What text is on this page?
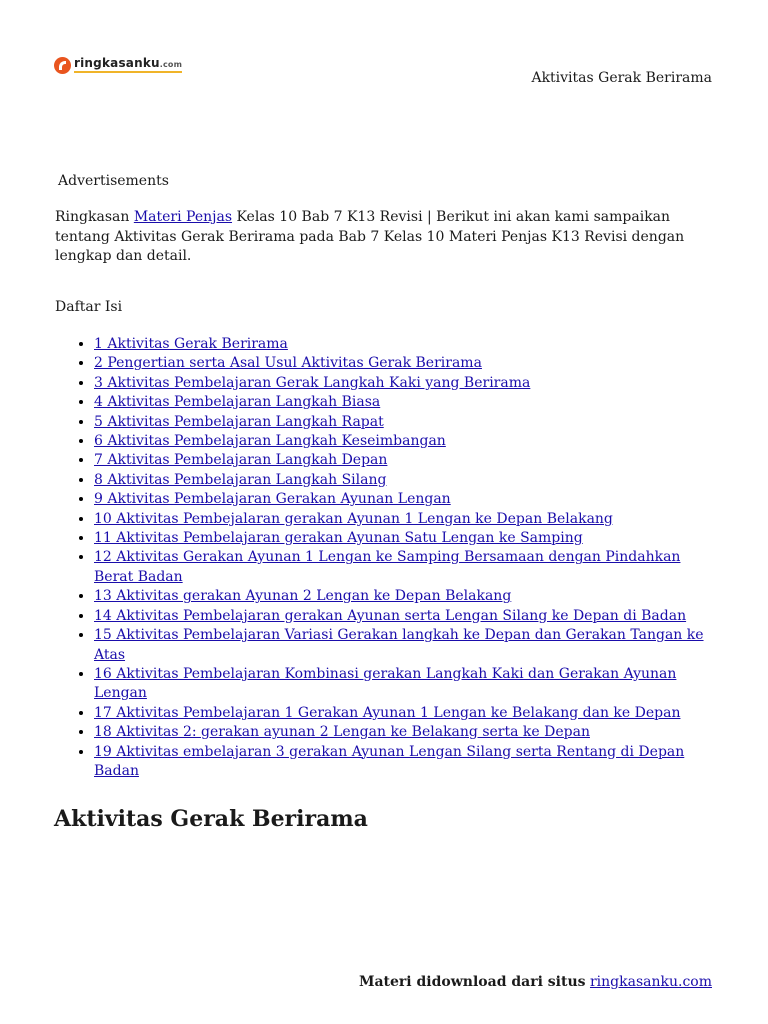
ringkasanku.com
Aktivitas Gerak Berirama
Advertisements

Ringkasan Materi Penjas Kelas 10 Bab 7 K13 Revisi | Berikut ini akan kami sampaikan tentang Aktivitas Gerak Berirama pada Bab 7 Kelas 10 Materi Penjas K13 Revisi dengan lengkap dan detail.

Daftar Isi
• 1 Aktivitas Gerak Berirama
• 2 Pengertian serta Asal Usul Aktivitas Gerak Berirama
• 3 Aktivitas Pembelajaran Gerak Langkah Kaki yang Berirama
• 4 Aktivitas Pembelajaran Langkah Biasa
• 5 Aktivitas Pembelajaran Langkah Rapat
• 6 Aktivitas Pembelajaran Langkah Keseimbangan
• 7 Aktivitas Pembelajaran Langkah Depan
• 8 Aktivitas Pembelajaran Langkah Silang
• 9 Aktivitas Pembelajaran Gerakan Ayunan Lengan
• 10 Aktivitas Pembejalaran gerakan Ayunan 1 Lengan ke Depan Belakang
• 11 Aktivitas Pembelajaran gerakan Ayunan Satu Lengan ke Samping
• 12 Aktivitas Gerakan Ayunan 1 Lengan ke Samping Bersamaan dengan Pindahkan Berat Badan
• 13 Aktivitas gerakan Ayunan 2 Lengan ke Depan Belakang
• 14 Aktivitas Pembelajaran gerakan Ayunan serta Lengan Silang ke Depan di Badan
• 15 Aktivitas Pembelajaran Variasi Gerakan langkah ke Depan dan Gerakan Tangan ke Atas
• 16 Aktivitas Pembelajaran Kombinasi gerakan Langkah Kaki dan Gerakan Ayunan Lengan
• 17 Aktivitas Pembelajaran 1 Gerakan Ayunan 1 Lengan ke Belakang dan ke Depan
• 18 Aktivitas 2: gerakan ayunan 2 Lengan ke Belakang serta ke Depan
• 19 Aktivitas embelajaran 3 gerakan Ayunan Lengan Silang serta Rentang di Depan Badan
Aktivitas Gerak Berirama
Materi didownload dari situs ringkasanku.com
